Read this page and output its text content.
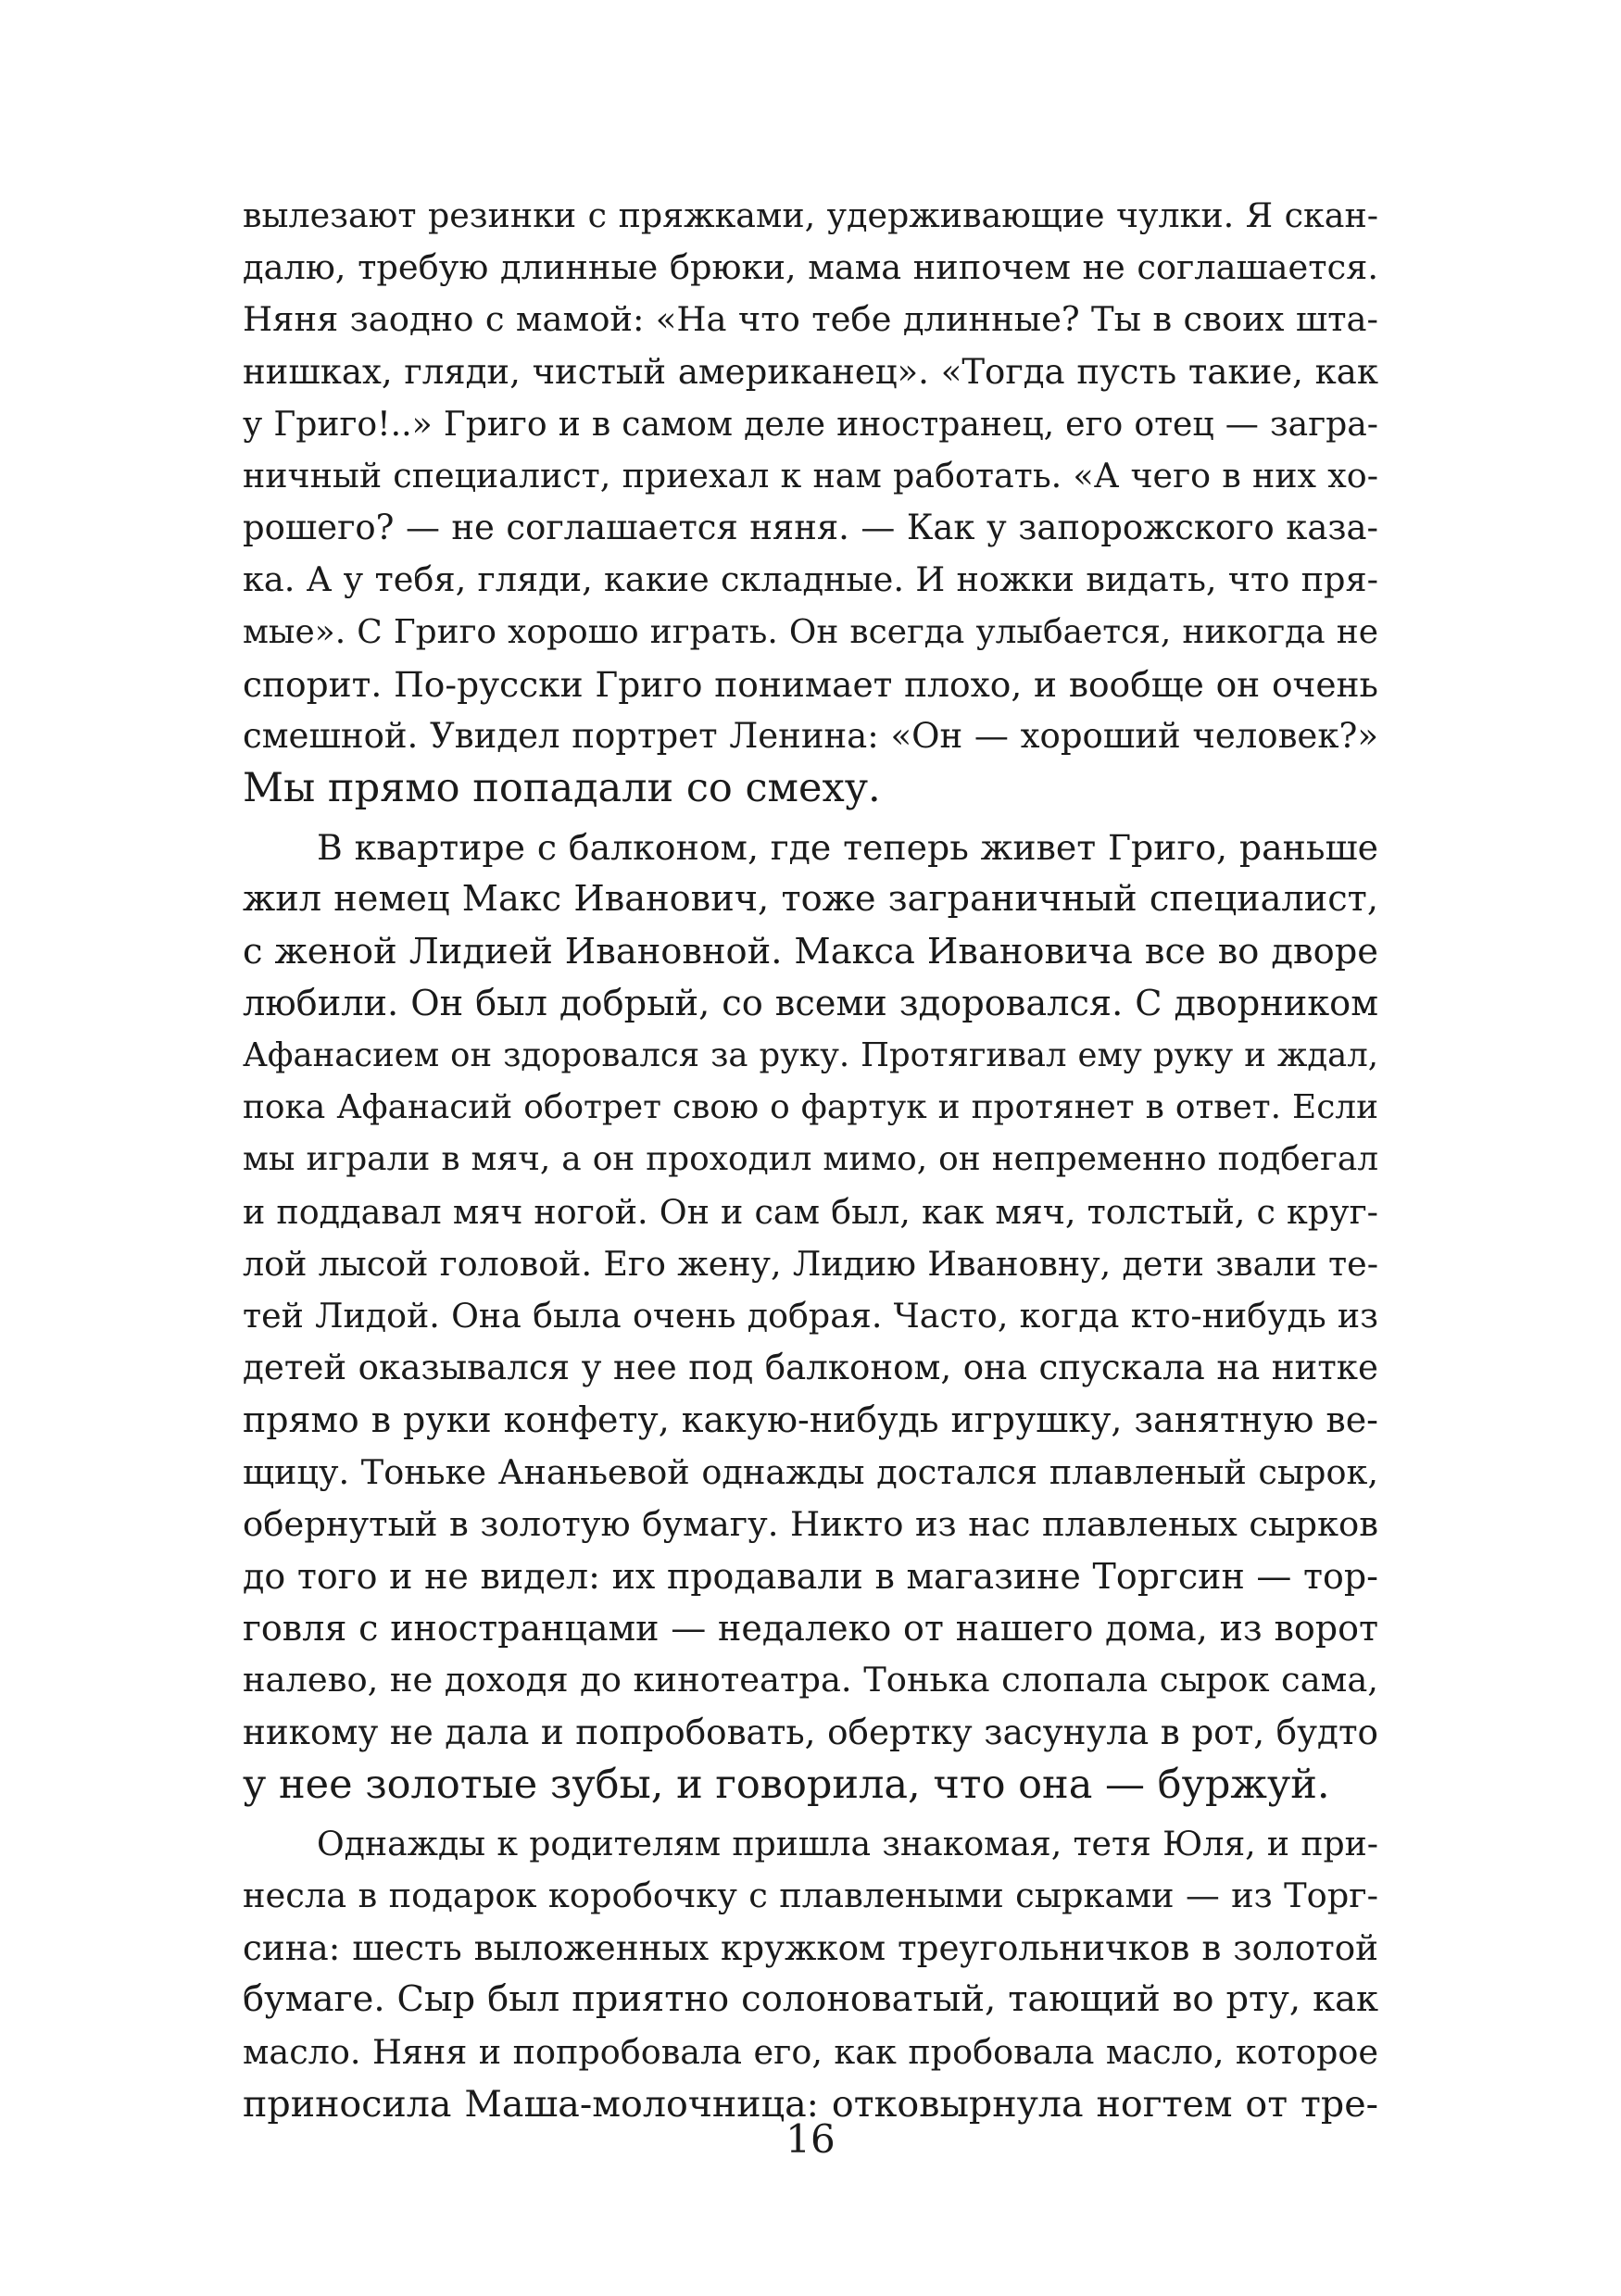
вылезают резинки с пряжками, удерживающие чулки. Я скан-
далю, требую длинные брюки, мама нипочем не соглашается.
Няня заодно с мамой: «На что тебе длинные? Ты в своих шта-
нишках, гляди, чистый американец». «Тогда пусть такие, как
у Григо!..» Григо и в самом деле иностранец, его отец — загра-
ничный специалист, приехал к нам работать. «А чего в них хо-
рошего? — не соглашается няня. — Как у запорожского каза-
ка. А у тебя, гляди, какие складные. И ножки видать, что пря-
мые». С Григо хорошо играть. Он всегда улыбается, никогда не
спорит. По-русски Григо понимает плохо, и вообще он очень
смешной. Увидел портрет Ленина: «Он — хороший человек?»
Мы прямо попадали со смеху.
В квартире с балконом, где теперь живет Григо, раньше
жил немец Макс Иванович, тоже заграничный специалист,
с женой Лидией Ивановной. Макса Ивановича все во дворе
любили. Он был добрый, со всеми здоровался. С дворником
Афанасием он здоровался за руку. Протягивал ему руку и ждал,
пока Афанасий оботрет свою о фартук и протянет в ответ. Если
мы играли в мяч, а он проходил мимо, он непременно подбегал
и поддавал мяч ногой. Он и сам был, как мяч, толстый, с круг-
лой лысой головой. Его жену, Лидию Ивановну, дети звали те-
тей Лидой. Она была очень добрая. Часто, когда кто-нибудь из
детей оказывался у нее под балконом, она спускала на нитке
прямо в руки конфету, какую-нибудь игрушку, занятную ве-
щицу. Тоньке Ананьевой однажды достался плавленый сырок,
обернутый в золотую бумагу. Никто из нас плавленых сырков
до того и не видел: их продавали в магазине Торгсин — тор-
говля с иностранцами — недалеко от нашего дома, из ворот
налево, не доходя до кинотеатра. Тонька слопала сырок сама,
никому не дала и попробовать, обертку засунула в рот, будто
у нее золотые зубы, и говорила, что она — буржуй.
Однажды к родителям пришла знакомая, тетя Юля, и при-
несла в подарок коробочку с плавлеными сырками — из Торг-
сина: шесть выложенных кружком треугольничков в золотой
бумаге. Сыр был приятно солоноватый, тающий во рту, как
масло. Няня и попробовала его, как пробовала масло, которое
приносила Маша-молочница: отковырнула ногтем от тре-
16
